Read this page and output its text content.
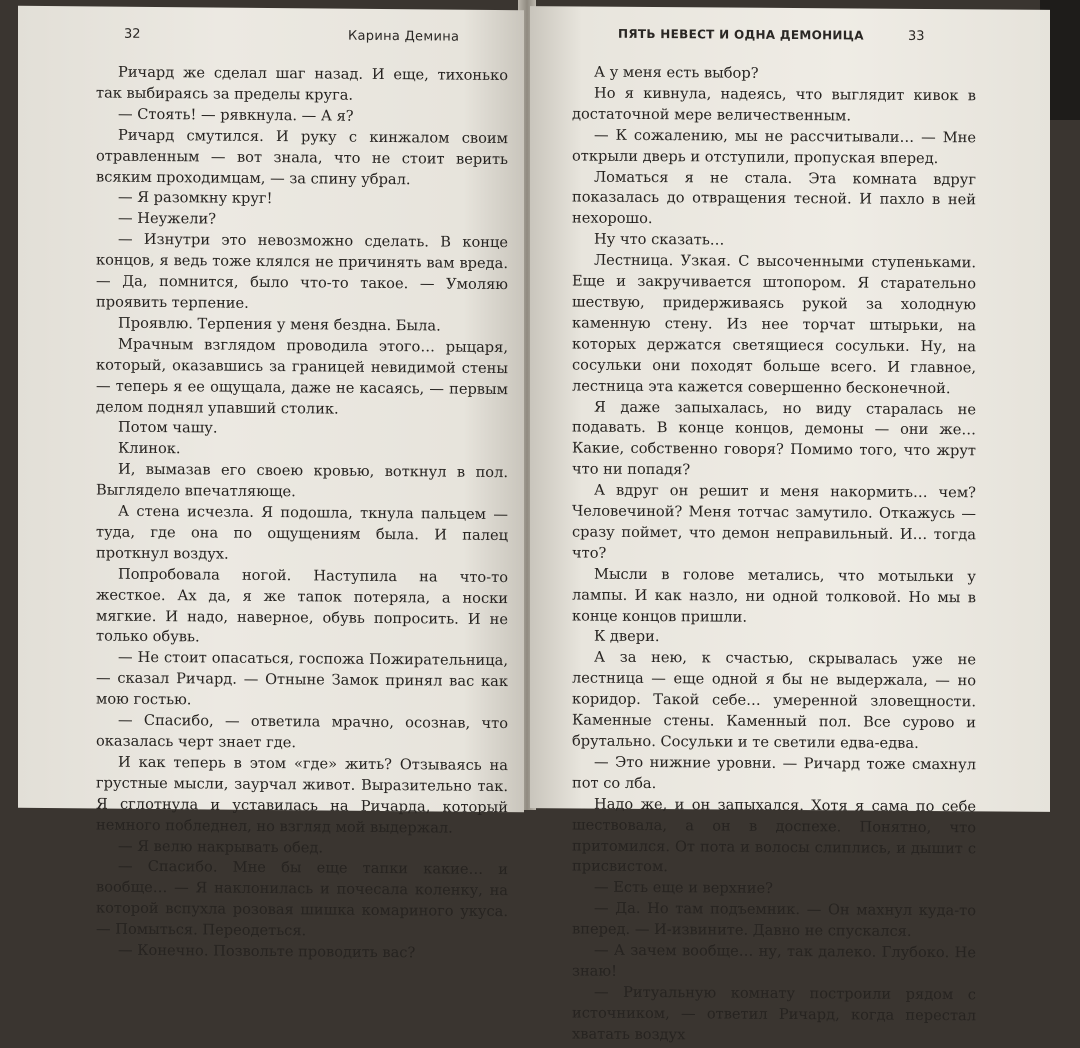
32	Карина Демина

Ричард же сделал шаг назад. И еще, тихонько так выбираясь за пределы круга.

— Стоять! — рявкнула. — А я?

Ричард смутился. И руку с кинжалом своим отравленным — вот знала, что не стоит верить всяким проходимцам, — за спину убрал.

— Я разомкну круг!

— Неужели?

— Изнутри это невозможно сделать. В конце концов, я ведь тоже клялся не причинять вам вреда. — Да, помнится, было что-то такое. — Умоляю проявить терпение.

Проявлю. Терпения у меня бездна. Была.

Мрачным взглядом проводила этого… рыцаря, который, оказавшись за границей невидимой стены — теперь я ее ощущала, даже не касаясь, — первым делом поднял упавший столик.

Потом чашу.

Клинок.

И, вымазав его своею кровью, воткнул в пол. Выглядело впечатляюще.

А стена исчезла. Я подошла, ткнула пальцем — туда, где она по ощущениям была. И палец проткнул воздух.

Попробовала ногой. Наступила на что-то жесткое. Ах да, я же тапок потеряла, а носки мягкие. И надо, наверное, обувь попросить. И не только обувь.

— Не стоит опасаться, госпожа Пожирательница, — сказал Ричард. — Отныне Замок принял вас как мою гостью.

— Спасибо, — ответила мрачно, осознав, что оказалась черт знает где.

И как теперь в этом «где» жить? Отзываясь на грустные мысли, заурчал живот. Выразительно так. Я сглотнула и уставилась на Ричарда, который немного побледнел, но взгляд мой выдержал.

— Я велю накрывать обед.

— Спасибо. Мне бы еще тапки какие… и вообще… — Я наклонилась и почесала коленку, на которой вспухла розовая шишка комариного укуса. — Помыться. Переодеться.

— Конечно. Позвольте проводить вас?

ПЯТЬ НЕВЕСТ И ОДНА ДЕМОНИЦА	33

А у меня есть выбор?

Но я кивнула, надеясь, что выглядит кивок в достаточной мере величественным.

— К сожалению, мы не рассчитывали… — Мне открыли дверь и отступили, пропуская вперед.

Ломаться я не стала. Эта комната вдруг показалась до отвращения тесной. И пахло в ней нехорошо.

Ну что сказать…

Лестница. Узкая. С высоченными ступеньками. Еще и закручивается штопором. Я старательно шествую, придерживаясь рукой за холодную каменную стену. Из нее торчат штырьки, на которых держатся светящиеся сосульки. Ну, на сосульки они походят больше всего. И главное, лестница эта кажется совершенно бесконечной.

Я даже запыхалась, но виду старалась не подавать. В конце концов, демоны — они же… Какие, собственно говоря? Помимо того, что жрут что ни попадя?

А вдруг он решит и меня накормить… чем? Человечиной? Меня тотчас замутило. Откажусь — сразу поймет, что демон неправильный. И… тогда что?

Мысли в голове метались, что мотыльки у лампы. И как назло, ни одной толковой. Но мы в конце концов пришли.

К двери.

А за нею, к счастью, скрывалась уже не лестница — еще одной я бы не выдержала, — но коридор. Такой себе… умеренной зловещности. Каменные стены. Каменный пол. Все сурово и брутально. Сосульки и те светили едва-едва.

— Это нижние уровни. — Ричард тоже смахнул пот со лба.

Надо же, и он запыхался. Хотя я сама по себе шествовала, а он в доспехе. Понятно, что притомился. От пота и волосы слиплись, и дышит с присвистом.

— Есть еще и верхние?

— Да. Но там подъемник. — Он махнул куда-то вперед. — И-извините. Давно не спускался.

— А зачем вообще… ну, так далеко. Глубоко. Не знаю!

— Ритуальную комнату построили рядом с источником, — ответил Ричард, когда перестал хватать воздух
